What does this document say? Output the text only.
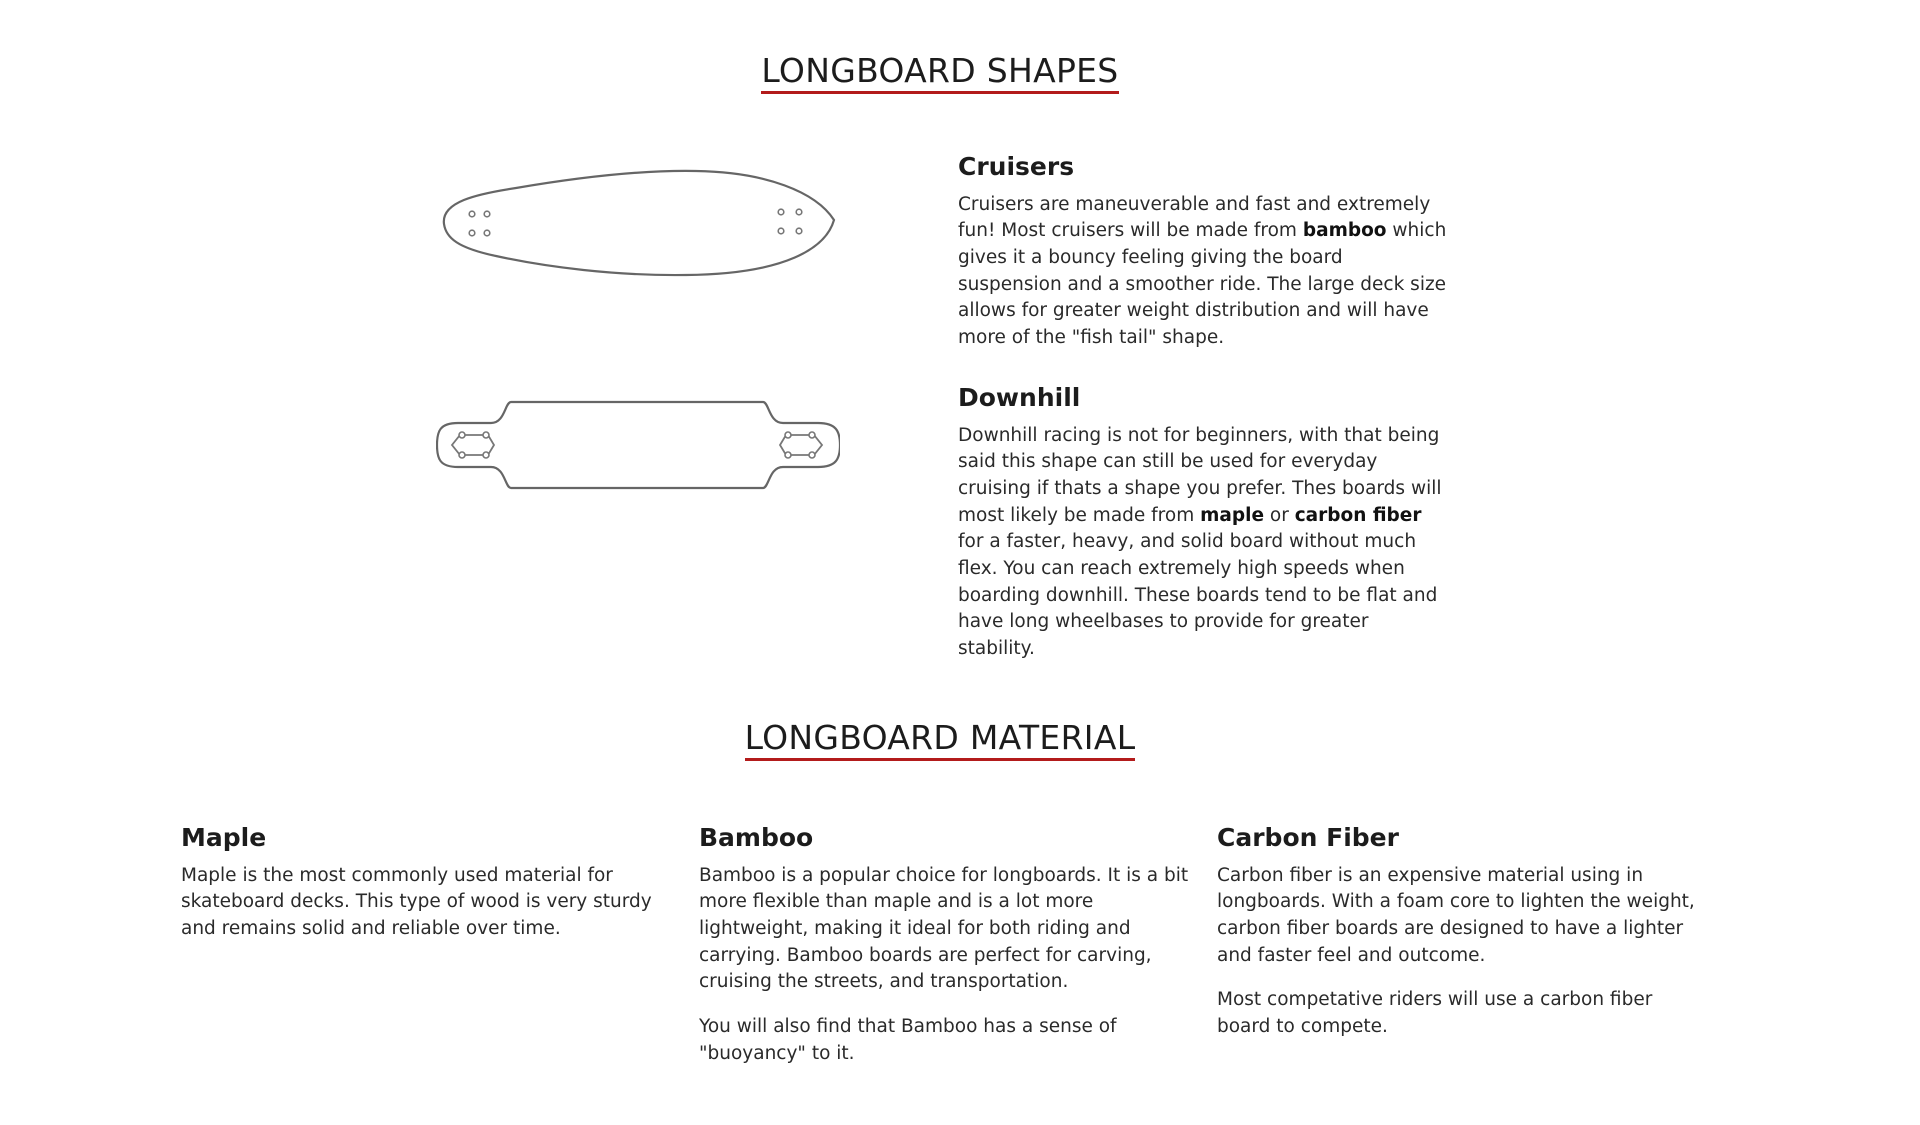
LONGBOARD SHAPES
Cruisers

Cruisers are maneuverable and fast and extremely fun! Most cruisers will be made from bamboo which gives it a bouncy feeling giving the board suspension and a smoother ride. The large deck size allows for greater weight distribution and will have more of the "fish tail" shape.

Downhill

Downhill racing is not for beginners, with that being said this shape can still be used for everyday cruising if thats a shape you prefer. Thes boards will most likely be made from maple or carbon fiber for a faster, heavy, and solid board without much flex. You can reach extremely high speeds when boarding downhill. These boards tend to be flat and have long wheelbases to provide for greater stability.

LONGBOARD MATERIAL
Maple

Maple is the most commonly used material for skateboard decks. This type of wood is very sturdy and remains solid and reliable over time.

Bamboo

Bamboo is a popular choice for longboards. It is a bit more flexible than maple and is a lot more lightweight, making it ideal for both riding and carrying. Bamboo boards are perfect for carving, cruising the streets, and transportation.

You will also find that Bamboo has a sense of "buoyancy" to it.

Carbon Fiber

Carbon fiber is an expensive material using in longboards. With a foam core to lighten the weight, carbon fiber boards are designed to have a lighter and faster feel and outcome.

Most competative riders will use a carbon fiber board to compete.
